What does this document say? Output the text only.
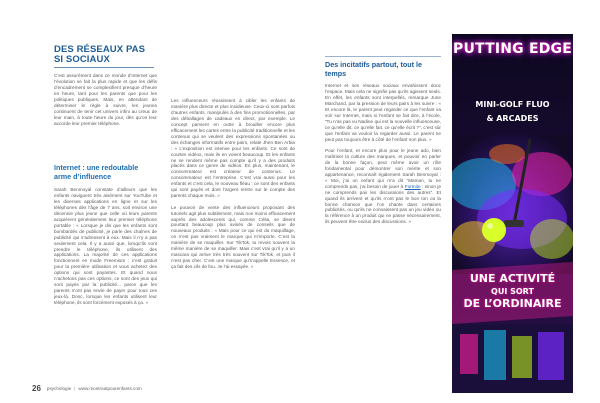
DES RÉSEAUX PAS SI SOCIAUX

C’est assurément dans ce monde d’Internet que l’évolution se fait la plus rapide et que les défis d’encadrement se complexifient presque d’heure en heure, tant pour les parents que pour les politiques publiques. Mais, en attendant de déterminer le règle à suivre, les jeunes continuent de tenir cet univers infini au creux de leur main, à toute heure du jour, dès qu’on leur accorde leur premier téléphone.

Internet : une redoutable arme d’influence

Sarah Benmoyal constate d’ailleurs que les enfants naviguent très aisément sur YouTube et les diverses applications en ligne et sur les téléphones dès l’âge de 7 ans, soit environ une décennie plus jeune que celle où leurs parents acquièrent généralement leur premier téléphone portable : « Lorsque je dis que les enfants sont bombardés de publicité, je parle des chaînes de publicité qui s’adressent à eux. Mais il n’y a pas seulement cela. Il y a aussi que, lorsqu’ils vont prendre le téléphone, ils utilisent des applications. La majorité de ces applications fonctionnent en mode Freemium : c’est gratuit pour la première utilisation et vous achetez des options qui sont payantes. Et quand nous n’achetons pas ces options, ce sont des jeux qui sont payés par la publicité... parce que les parents n’ont pas envie de payer pour tous ces jeux-là. Donc, lorsque les enfants utilisent leur téléphone, ils sont forcément exposés à ça. »

Les influenceurs réussissent à cibler les enfants de manière plus directe et plus insidieuse. Ceux-ci sont parfois d’autres enfants, manipulés à des fins promotionnelles, par des déballages de cadeaux en direct, par exemple. Le concept parvient en outre à brouiller encore plus efficacement les cartes entre la publicité traditionnelle et les contenus qui se veulent des expressions spontanées ou des échanges informatifs entre pairs, relate Jhen Ben Arbia : « L’exposition est intense pour les enfants. Ce sont de courtes vidéos, mais ils en voient beaucoup. Et les enfants ne se rendent même pas compte qu’il y a des produits placés dans ce genre de vidéos. En plus, maintenant, le consommateur est créateur de contenus. Le consommateur est l’entreprise. C’est vrai aussi pour les enfants et c’est cela, le nouveau fléau : ce sont des enfants qui sont payés et dont l’argent rentre sur le compte des parents chaque mois. »

Le pouvoir de vente des influenceurs proposant des tutoriels agit plus subtilement, mais non moins efficacement auprès des adolescents qui, comme Célia, se disent pourtant beaucoup plus avisés de conseils que de nouveaux produits : « Mais pour ce qui est du maquillage, on n’est pas vraiment le marque qui m’importe. C’est la manière de se maquiller. Sur TikTok, tu revois souvent la même manière de se maquiller. Mais c’est vrai qu’il y a un mascara qui arrive très très souvent sur TikTok, et puis il n’est pas cher. C’est une marque qu’s’appelle Essence, et ça fait des cils de fou. Je l’ai essayée. »

Des incitatifs partout, tout le temps

Internet et ses réseaux sociaux envahissent donc l’espace. Mais cela ne signifie pas qu’ils agissent seuls. En effet, les enfants sont interpellés, remarque June Marchand, par la pression de leurs pairs à les suivre : « Et encore là, le parent peut regarder ce que l’enfant va voir sur Internet, mais si l’enfant se fait dire, à l’école, “Tu n’as pas vu Nadine qui est la nouvelle influenceuse, ce qu’elle dit, ce qu’elle fait, ce qu’elle écrit ?”, c’est sûr que l’enfant va vouloir la regarder aussi. Le parent ne peut pas toujours être à côté de l’enfant non plus. »

Pour l’enfant, et encore plus pour le jeune ado, bien maîtriser la culture des marques, et pouvoir en parler de la bonne façon, peut même avoir un rôle fondamental pour démontrer son mérite et son appartenance, reconnaît également Sarah Benmoyal : « Moi, j’ai un enfant qui m’a dit “Maman, tu ne comprends pas, j’ai besoin de jouer à Fortnite : sinon je ne comprends pas les discussions des autres”. Et quand ils arrivent et qu’ils n’ont pas le bon ton ou la bonne chanson que l’on chante dans certaines publicités, ou qu’ils ne connaissent pas un jeu vidéo ou la référence à un produit qui ne passe nécessairement, ils peuvent être exclus des discussions. »

26 psychologie | www.montreatpourenfants.com
PUTTING EDGE
MINI-GOLF FLUO
& ARCADES
UNE ACTIVITÉ
QUI SORT
DE L’ORDINAIRE
